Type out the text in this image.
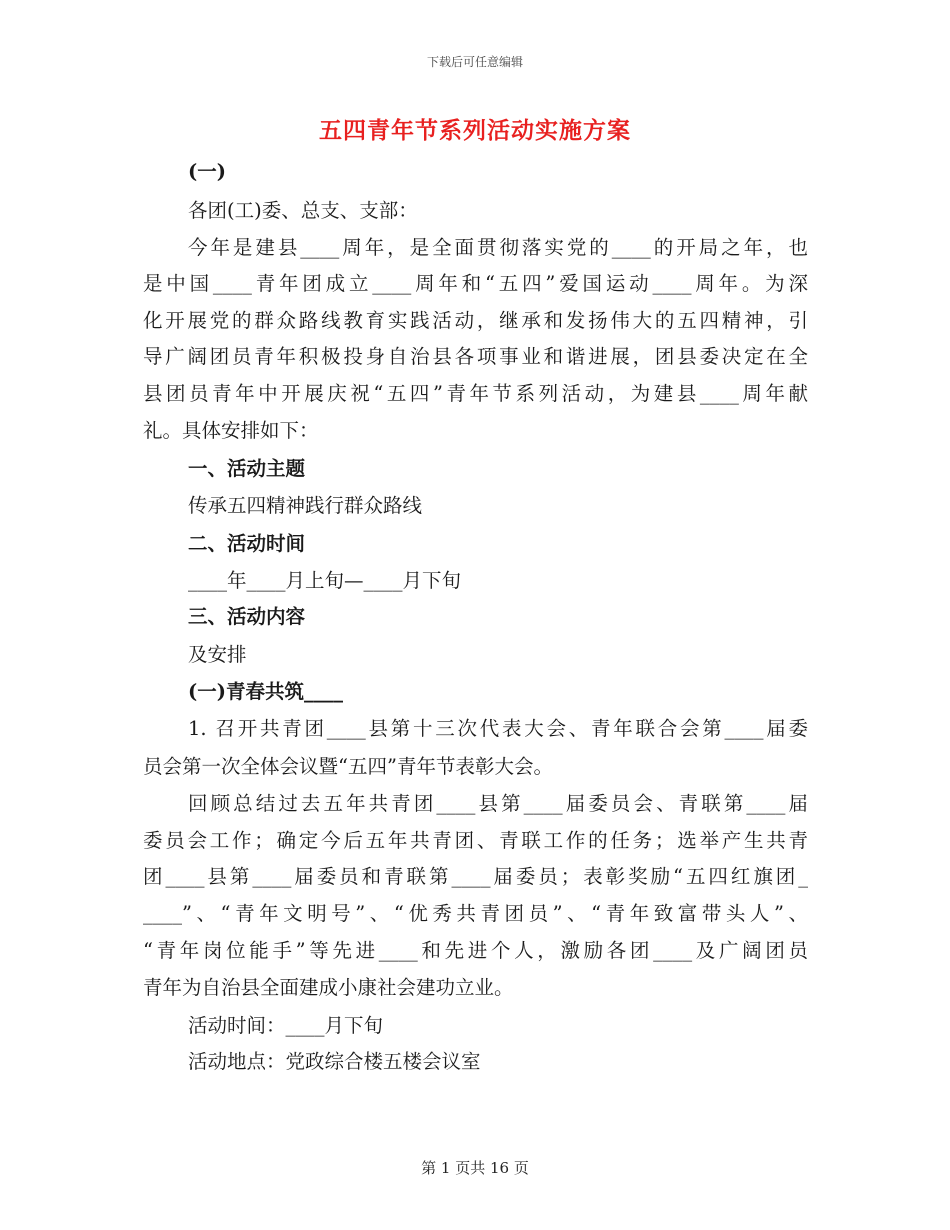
下载后可任意编辑
五四青年节系列活动实施方案
(一)
各团(工)委、总支、支部：
今年是建县____周年，是全面贯彻落实党的____的开局之年，也
是中国____青年团成立____周年和“五四”爱国运动____周年。为深
化开展党的群众路线教育实践活动，继承和发扬伟大的五四精神，引
导广阔团员青年积极投身自治县各项事业和谐进展，团县委决定在全
县团员青年中开展庆祝“五四”青年节系列活动，为建县____周年献
礼。具体安排如下：
一、活动主题
传承五四精神践行群众路线
二、活动时间
____年____月上旬—____月下旬
三、活动内容
及安排
(一)青春共筑____
1. 召开共青团____县第十三次代表大会、青年联合会第____届委
员会第一次全体会议暨“五四”青年节表彰大会。
回顾总结过去五年共青团____县第____届委员会、青联第____届
委员会工作；确定今后五年共青团、青联工作的任务；选举产生共青
团____县第____届委员和青联第____届委员；表彰奖励“五四红旗团_
____”、“青年文明号”、“优秀共青团员”、“青年致富带头人”、
“青年岗位能手”等先进____和先进个人，激励各团____及广阔团员
青年为自治县全面建成小康社会建功立业。
活动时间：____月下旬
活动地点：党政综合楼五楼会议室
第 1 页共 16 页
